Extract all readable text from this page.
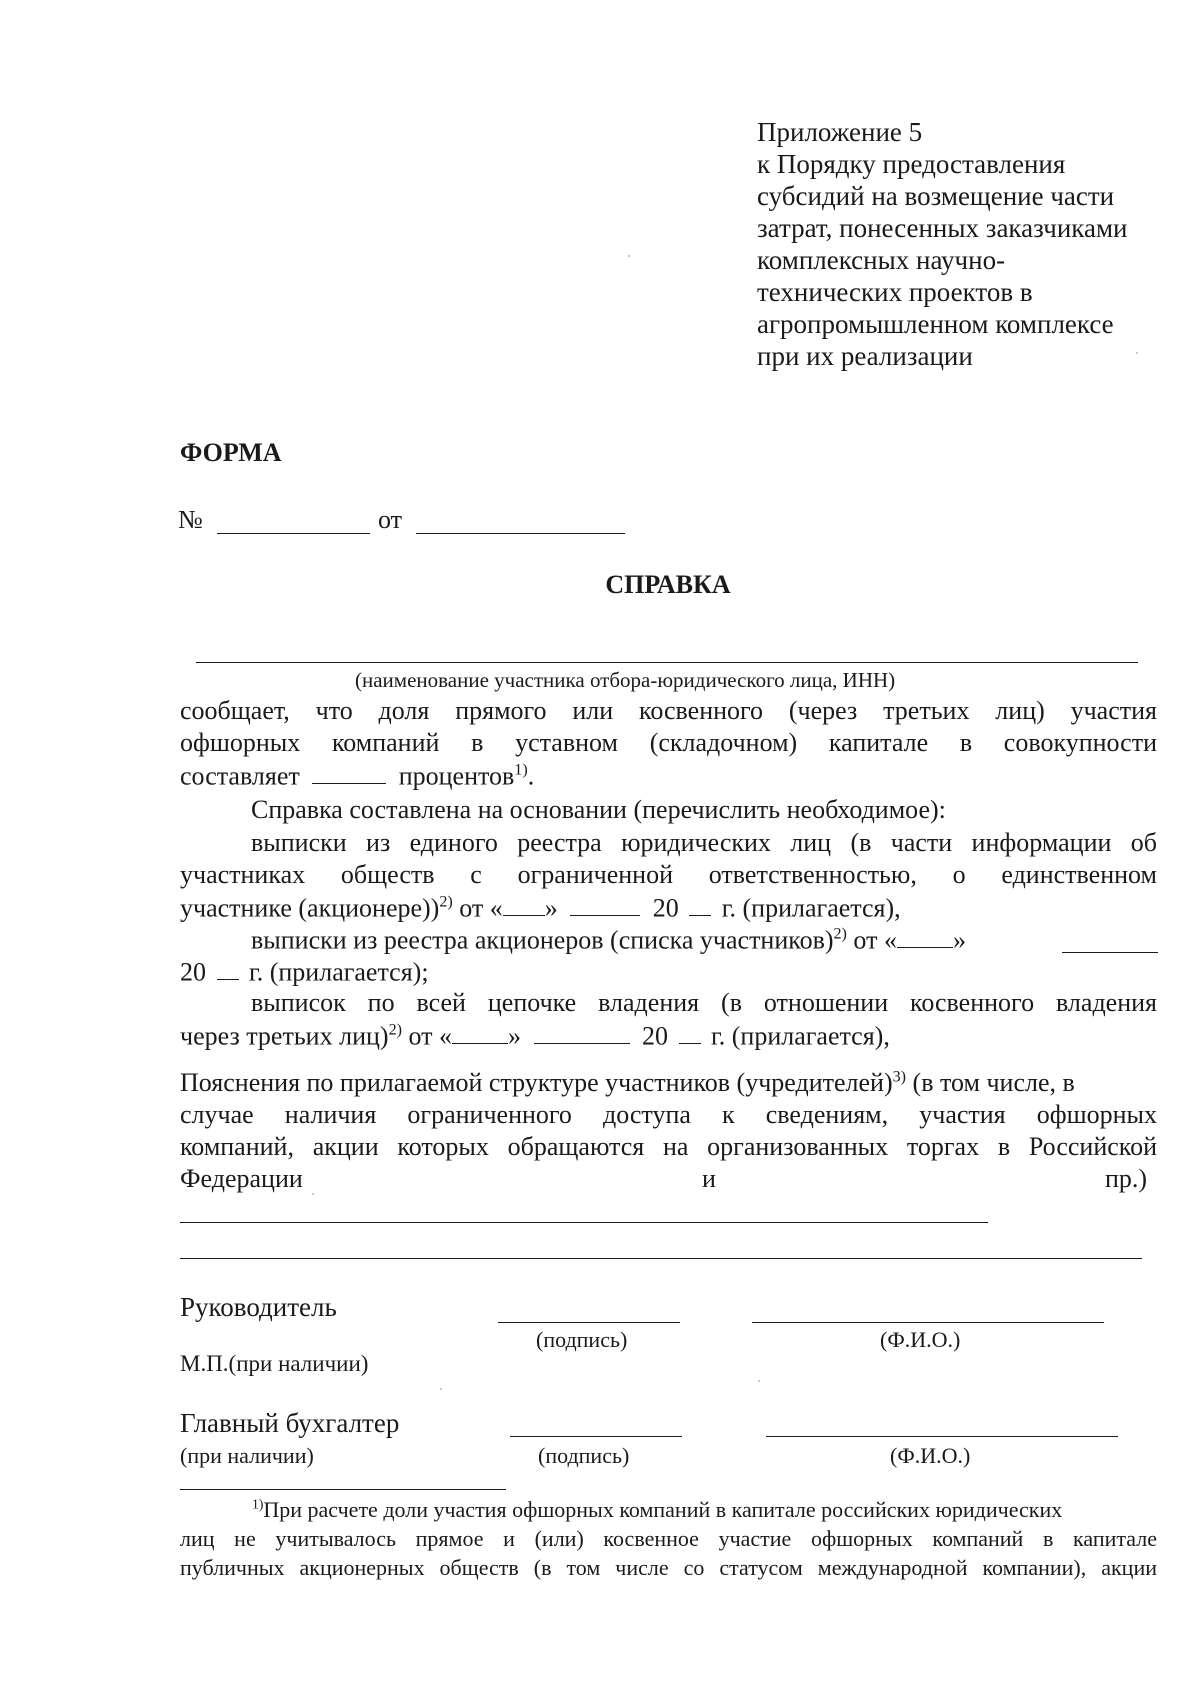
Приложение 5
к Порядку предоставления
субсидий на возмещение части
затрат, понесенных заказчиками
комплексных научно-
технических проектов в
агропромышленном комплексе
при их реализации
ФОРМА
№	от
СПРАВКА
(наименование участника отбора-юридического лица, ИНН)
сообщает, что доля прямого или косвенного (через третьих лиц) участия
офшорных компаний в уставном (складочном) капитале в совокупности
составляет	процентов$^{1)}$.
Справка составлена на основании (перечислить необходимое):
выписки из единого реестра юридических лиц (в части информации об
участниках обществ с ограниченной ответственностью, о единственном
участнике (акционере))$^{2)}$ от « »	20 г. (прилагается),
выписки из реестра акционеров (списка участников)$^{2)}$ от « »
20 г. (прилагается);
выписок по всей цепочке владения (в отношении косвенного владения
через третьих лиц)$^{2)}$ от « »	20 г. (прилагается),
Пояснения по прилагаемой структуре участников (учредителей)$^{3)}$ (в том числе, в
случае наличия ограниченного доступа к сведениям, участия офшорных
компаний, акции которых обращаются на организованных торгах в Российской
Федерации	и	пр.)
Руководитель
(подпись)	(Ф.И.О.)
М.П.(при наличии)
Главный бухгалтер
(при наличии)	(подпись)	(Ф.И.О.)
$^{1)}$При расчете доли участия офшорных компаний в капитале российских юридических
лиц не учитывалось прямое и (или) косвенное участие офшорных компаний в капитале
публичных акционерных обществ (в том числе со статусом международной компании), акции
